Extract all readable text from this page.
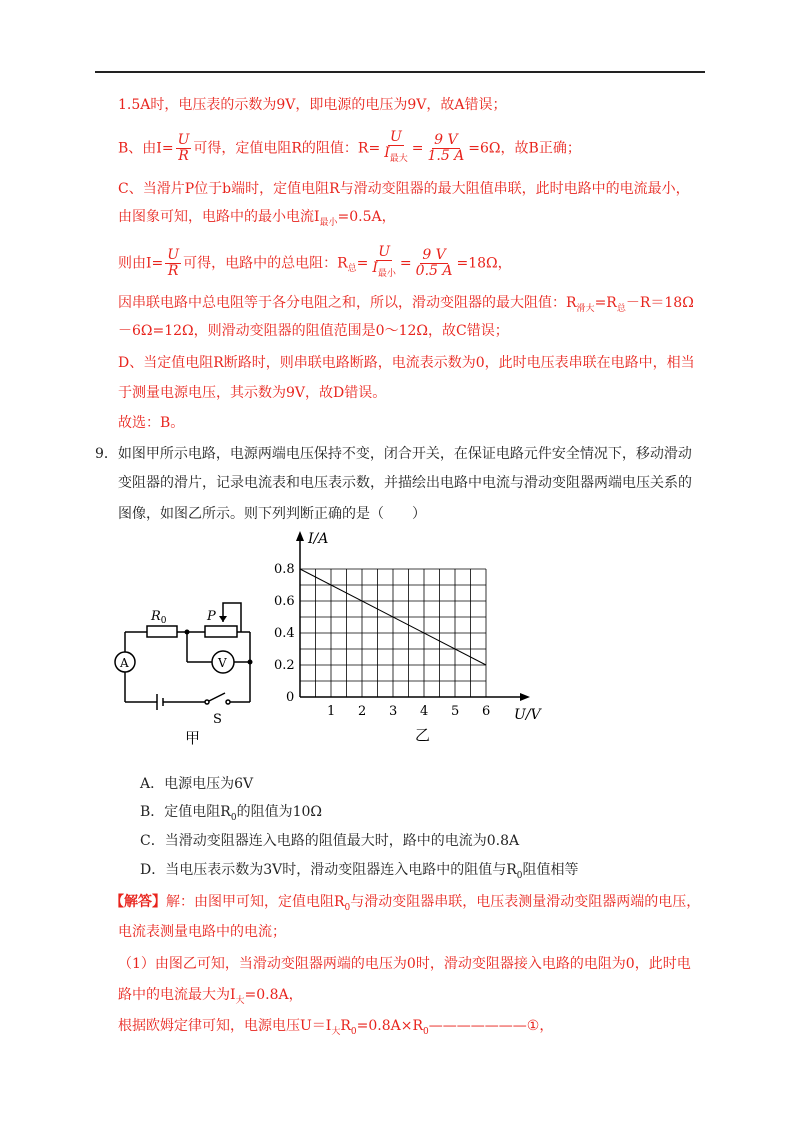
1.5A时，电压表的示数为9V，即电源的电压为9V，故A错误；
B、由$I= \frac{U}{R}$ 可得，定值电阻R的阻值：$R= \frac{U}{I_{最大}} = \frac{9 V}{1.5 A} =6\Omega$，故B正确；
C、当滑片P位于b端时，定值电阻R与滑动变阻器的最大阻值串联，此时电路中的电流最小，
由图象可知，电路中的最小电流$I_{最小}=0.5A$，
则由$I= \frac{U}{R}$ 可得，电路中的总电阻：$R_总= \frac{U}{I_{最小}} = \frac{9 V}{0.5 A} =18\Omega$，
因串联电路中总电阻等于各分电阻之和，所以，滑动变阻器的最大阻值：$R_{滑大}=R_总-R=18\Omega$
－6Ω=12Ω，则滑动变阻器的阻值范围是0～12Ω，故C错误；
D、当定值电阻R断路时，则串联电路断路，电流表示数为0，此时电压表串联在电路中，相当
于测量电源电压，其示数为9V，故D错误。
故选：B。
9．如图甲所示电路，电源两端电压保持不变，闭合开关，在保证电路元件安全情况下，移动滑动
变阻器的滑片，记录电流表和电压表示数，并描绘出电路中电流与滑动变阻器两端电压关系的
图像，如图乙所示。则下列判断正确的是（　　）
$R_0$	P
A	V
S
甲
I/A
U/V
0
1 2 3 4 5 6
0.2
0.4
0.6
0.8
乙
A．电源电压为6V
B．定值电阻$R_0$的阻值为10Ω
C．当滑动变阻器连入电路的阻值最大时，路中的电流为0.8A
D．当电压表示数为3V时，滑动变阻器连入电路中的阻值与$R_0$阻值相等
【解答】解：由图甲可知，定值电阻$R_0$与滑动变阻器串联，电压表测量滑动变阻器两端的电压，
电流表测量电路中的电流；
（1）由图乙可知，当滑动变阻器两端的电压为0时，滑动变阻器接入电路的电阻为0，此时电
路中的电流最大为$I_大=0.8A$，
根据欧姆定律可知，电源电压$U=I_大R_0=0.8A\times R_0———————①$，
